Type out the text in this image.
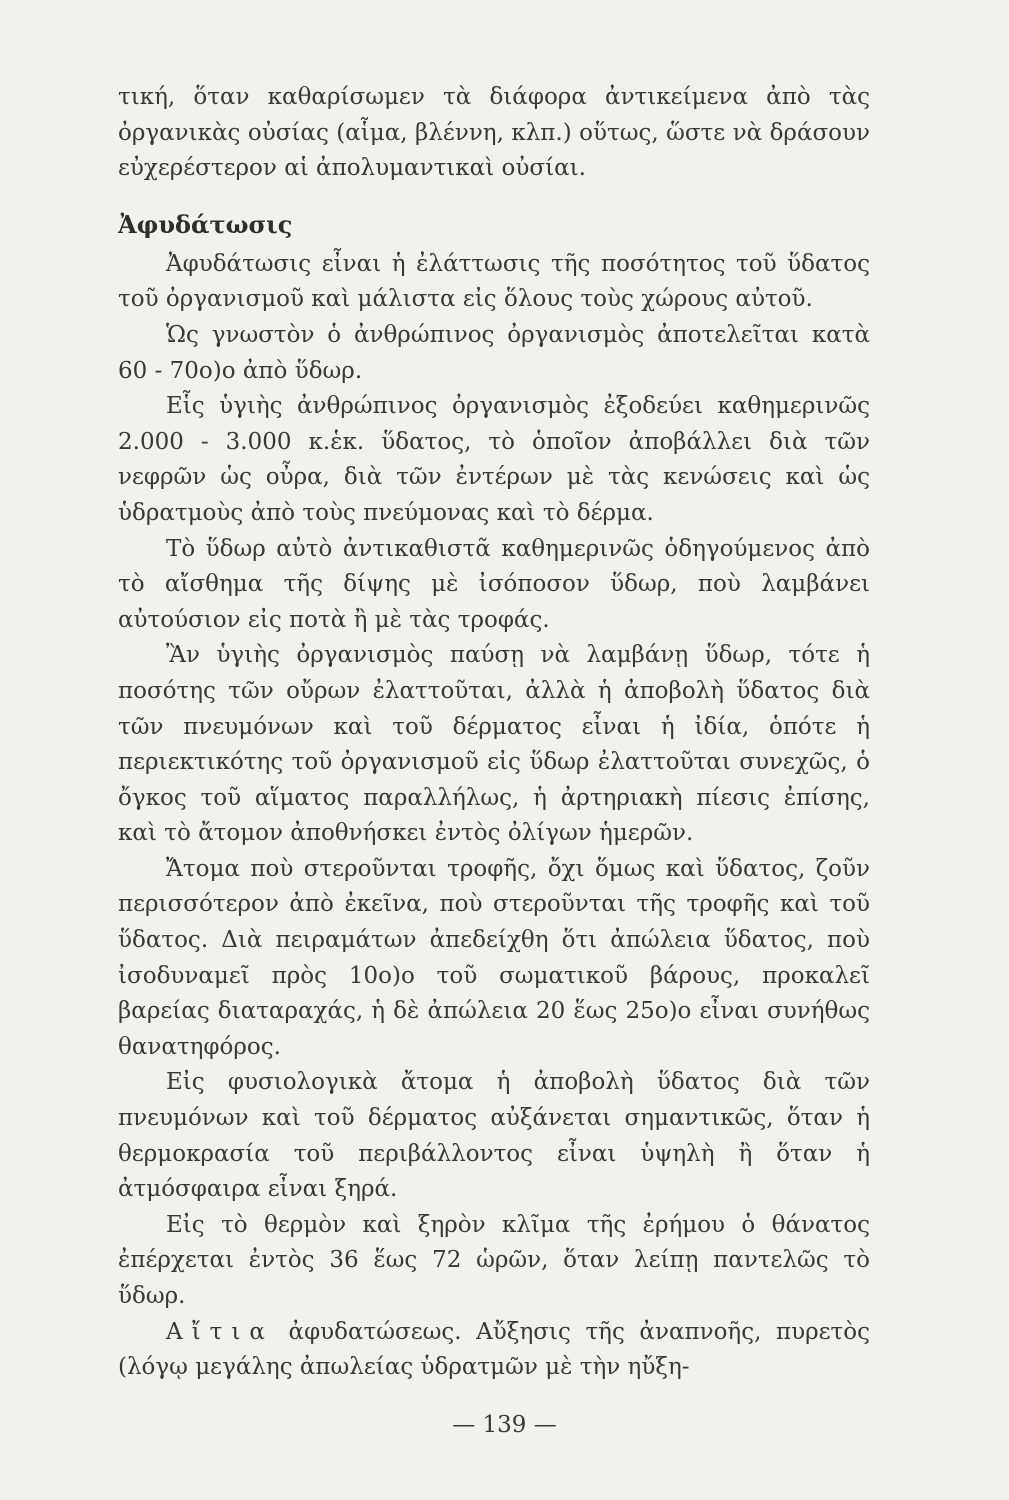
τική, ὅταν καθαρίσωμεν τὰ διάφορα ἀντικείμενα ἀπὸ τὰς ὀργανικὰς οὐσίας (αἷμα, βλέννη, κλπ.) οὕτως, ὥστε νὰ δράσουν εὐχερέστερον αἱ ἀπολυμαντικαὶ οὐσίαι.

Ἀφυδάτωσις

Ἀφυδάτωσις εἶναι ἡ ἐλάττωσις τῆς ποσότητος τοῦ ὕδατος τοῦ ὀργανισμοῦ καὶ μάλιστα εἰς ὅλους τοὺς χώρους αὐτοῦ.

Ὡς γνωστὸν ὁ ἀνθρώπινος ὀργανισμὸς ἀποτελεῖται κατὰ 60 - 70ο)ο ἀπὸ ὕδωρ.

Εἷς ὑγιὴς ἀνθρώπινος ὀργανισμὸς ἐξοδεύει καθημερινῶς 2.000 - 3.000 κ.ἑκ. ὕδατος, τὸ ὁποῖον ἀποβάλλει διὰ τῶν νεφρῶν ὡς οὖρα, διὰ τῶν ἐντέρων μὲ τὰς κενώσεις καὶ ὡς ὑδρατμοὺς ἀπὸ τοὺς πνεύμονας καὶ τὸ δέρμα.

Τὸ ὕδωρ αὐτὸ ἀντικαθιστᾶ καθημερινῶς ὁδηγούμενος ἀπὸ τὸ αἴσθημα τῆς δίψης μὲ ἰσόποσον ὕδωρ, ποὺ λαμβάνει αὐτούσιον εἰς ποτὰ ἢ μὲ τὰς τροφάς.

Ἂν ὑγιὴς ὀργανισμὸς παύσῃ νὰ λαμβάνῃ ὕδωρ, τότε ἡ ποσότης τῶν οὔρων ἐλαττοῦται, ἀλλὰ ἡ ἀποβολὴ ὕδατος διὰ τῶν πνευμόνων καὶ τοῦ δέρματος εἶναι ἡ ἰδία, ὁπότε ἡ περιεκτικότης τοῦ ὀργανισμοῦ εἰς ὕδωρ ἐλαττοῦται συνεχῶς, ὁ ὄγκος τοῦ αἵματος παραλλήλως, ἡ ἀρτηριακὴ πίεσις ἐπίσης, καὶ τὸ ἄτομον ἀποθνήσκει ἐντὸς ὀλίγων ἡμερῶν.

Ἄτομα ποὺ στεροῦνται τροφῆς, ὄχι ὅμως καὶ ὕδατος, ζοῦν περισσότερον ἀπὸ ἐκεῖνα, ποὺ στεροῦνται τῆς τροφῆς καὶ τοῦ ὕδατος. Διὰ πειραμάτων ἀπεδείχθη ὅτι ἀπώλεια ὕδατος, ποὺ ἰσοδυναμεῖ πρὸς 10ο)ο τοῦ σωματικοῦ βάρους, προκαλεῖ βαρείας διαταραχάς, ἡ δὲ ἀπώλεια 20 ἕως 25ο)ο εἶναι συνήθως θανατηφόρος.

Εἰς φυσιολογικὰ ἄτομα ἡ ἀποβολὴ ὕδατος διὰ τῶν πνευμόνων καὶ τοῦ δέρματος αὐξάνεται σημαντικῶς, ὅταν ἡ θερμοκρασία τοῦ περιβάλλοντος εἶναι ὑψηλὴ ἢ ὅταν ἡ ἀτμόσφαιρα εἶναι ξηρά.

Εἰς τὸ θερμὸν καὶ ξηρὸν κλῖμα τῆς ἐρήμου ὁ θάνατος ἐπέρχεται ἐντὸς 36 ἕως 72 ὡρῶν, ὅταν λείπῃ παντελῶς τὸ ὕδωρ.

Αἴτια ἀφυδατώσεως. Αὔξησις τῆς ἀναπνοῆς, πυρετὸς (λόγῳ μεγάλης ἀπωλείας ὑδρατμῶν μὲ τὴν ηὔξη-

— 139 —
